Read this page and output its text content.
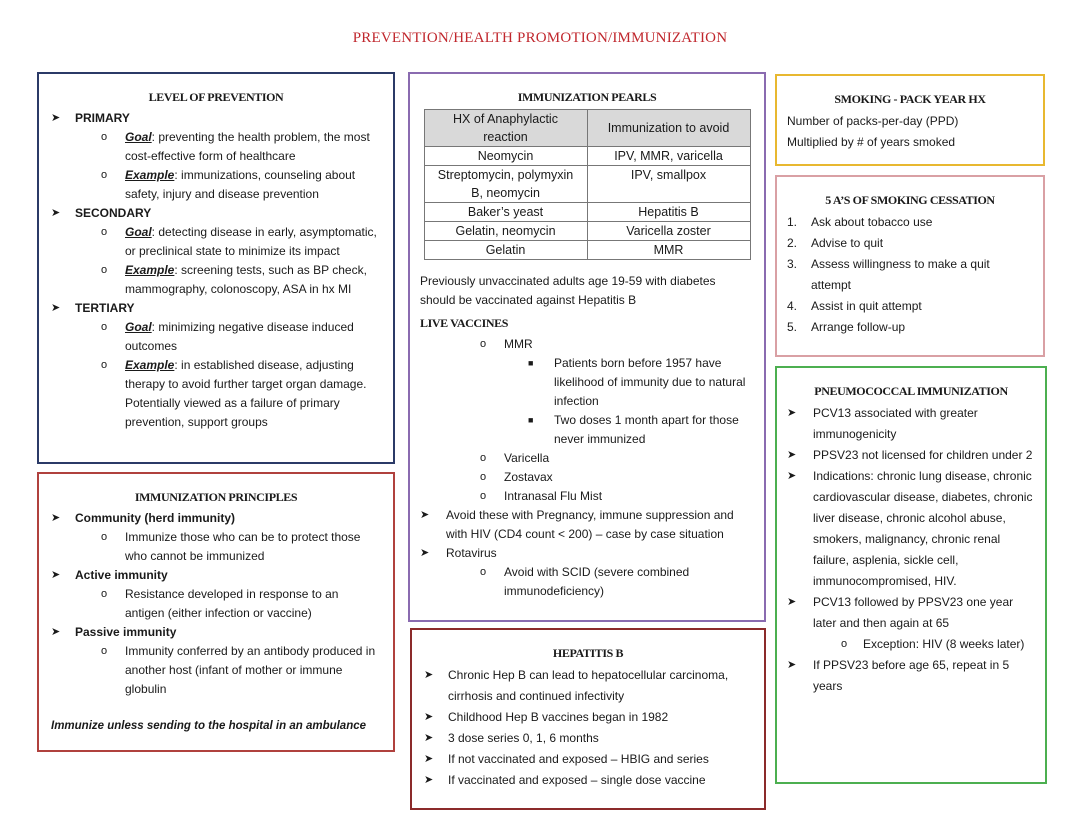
PREVENTION/HEALTH PROMOTION/IMMUNIZATION
LEVEL OF PREVENTION
➤ PRIMARY
o Goal: preventing the health problem, the most cost-effective form of healthcare
o Example: immunizations, counseling about safety, injury and disease prevention
➤ SECONDARY
o Goal: detecting disease in early, asymptomatic, or preclinical state to minimize its impact
o Example: screening tests, such as BP check, mammography, colonoscopy, ASA in hx MI
➤ TERTIARY
o Goal: minimizing negative disease induced outcomes
o Example: in established disease, adjusting therapy to avoid further target organ damage. Potentially viewed as a failure of primary prevention, support groups
IMMUNIZATION PRINCIPLES
➤ Community (herd immunity)
o Immunize those who can be to protect those who cannot be immunized
➤ Active immunity
o Resistance developed in response to an antigen (either infection or vaccine)
➤ Passive immunity
o Immunity conferred by an antibody produced in another host (infant of mother or immune globulin
Immunize unless sending to the hospital in an ambulance
IMMUNIZATION PEARLS
HX of Anaphylactic reaction	Immunization to avoid
Neomycin	IPV, MMR, varicella
Streptomycin, polymyxin B, neomycin	IPV, smallpox
Baker’s yeast	Hepatitis B
Gelatin, neomycin	Varicella zoster
Gelatin	MMR
Previously unvaccinated adults age 19-59 with diabetes should be vaccinated against Hepatitis B
LIVE VACCINES
o MMR
■ Patients born before 1957 have likelihood of immunity due to natural infection
■ Two doses 1 month apart for those never immunized
o Varicella
o Zostavax
o Intranasal Flu Mist
➤ Avoid these with Pregnancy, immune suppression and with HIV (CD4 count < 200) – case by case situation
➤ Rotavirus
o Avoid with SCID (severe combined immunodeficiency)
HEPATITIS B
➤ Chronic Hep B can lead to hepatocellular carcinoma, cirrhosis and continued infectivity
➤ Childhood Hep B vaccines began in 1982
➤ 3 dose series 0, 1, 6 months
➤ If not vaccinated and exposed – HBIG and series
➤ If vaccinated and exposed – single dose vaccine
SMOKING - PACK YEAR HX
Number of packs-per-day (PPD)
Multiplied by # of years smoked
5 A’S OF SMOKING CESSATION
1. Ask about tobacco use
2. Advise to quit
3. Assess willingness to make a quit attempt
4. Assist in quit attempt
5. Arrange follow-up
PNEUMOCOCCAL IMMUNIZATION
➤ PCV13 associated with greater immunogenicity
➤ PPSV23 not licensed for children under 2
➤ Indications: chronic lung disease, chronic cardiovascular disease, diabetes, chronic liver disease, chronic alcohol abuse, smokers, malignancy, chronic renal failure, asplenia, sickle cell, immunocompromised, HIV.
➤ PCV13 followed by PPSV23 one year later and then again at 65
o Exception: HIV (8 weeks later)
➤ If PPSV23 before age 65, repeat in 5 years
